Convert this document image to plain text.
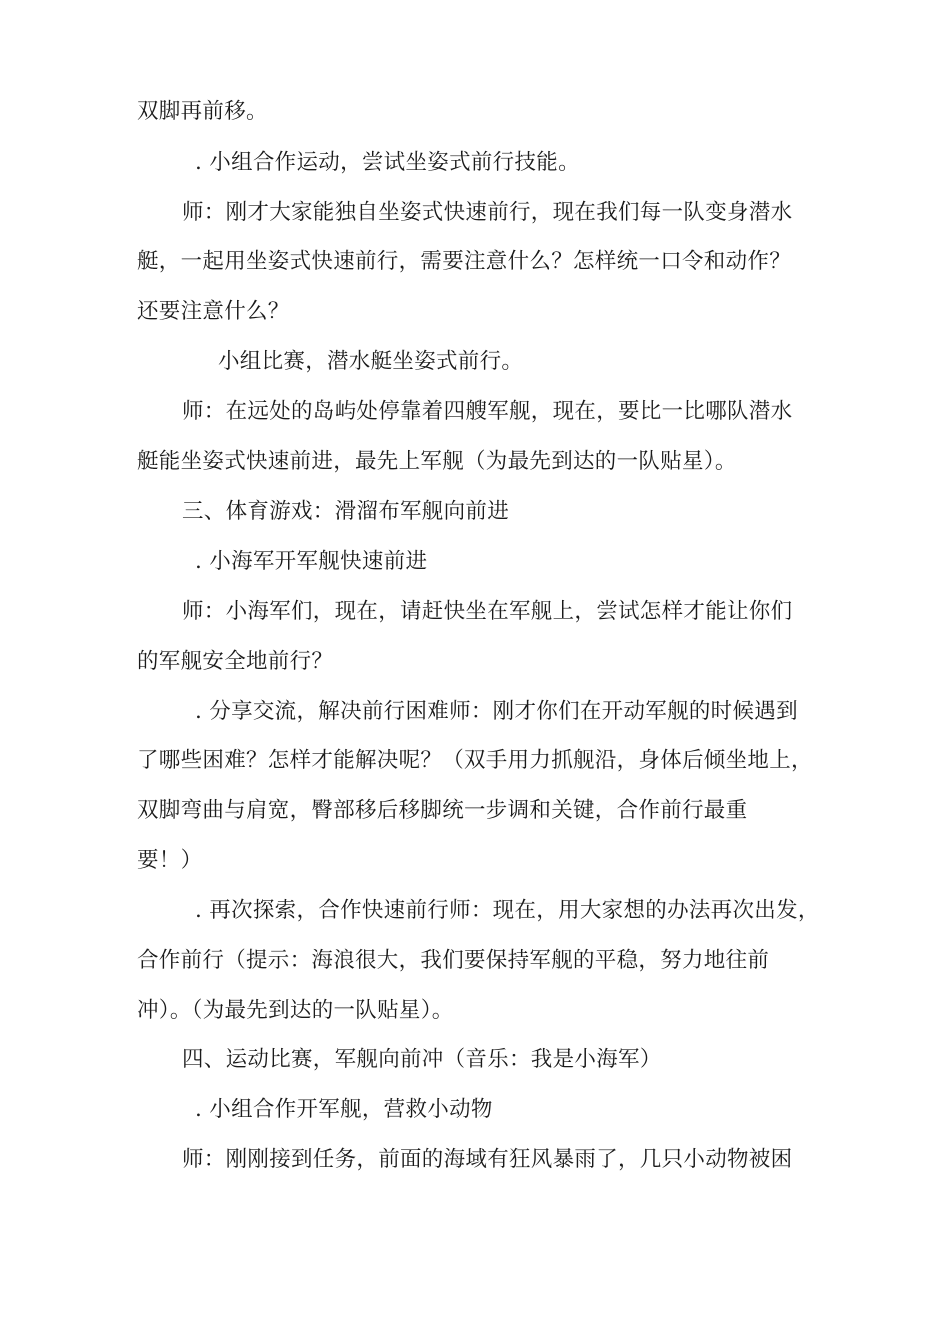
双脚再前移。
. 小组合作运动，尝试坐姿式前行技能。
师：刚才大家能独自坐姿式快速前行，现在我们每一队变身潜水
艇，一起用坐姿式快速前行，需要注意什么？怎样统一口令和动作？
还要注意什么？
小组比赛，潜水艇坐姿式前行。
师：在远处的岛屿处停靠着四艘军舰，现在，要比一比哪队潜水
艇能坐姿式快速前进，最先上军舰（为最先到达的一队贴星）。
三、体育游戏：滑溜布军舰向前进
. 小海军开军舰快速前进
师：小海军们，现在，请赶快坐在军舰上，尝试怎样才能让你们
的军舰安全地前行？
. 分享交流，解决前行困难师：刚才你们在开动军舰的时候遇到
了哪些困难？怎样才能解决呢？（双手用力抓舰沿，身体后倾坐地上，
双脚弯曲与肩宽，臀部移后移脚统一步调和关键，合作前行最重
要！）
. 再次探索，合作快速前行师：现在，用大家想的办法再次出发，
合作前行（提示：海浪很大，我们要保持军舰的平稳，努力地往前
冲）。（为最先到达的一队贴星）。
四、运动比赛，军舰向前冲（音乐：我是小海军）
. 小组合作开军舰，营救小动物
师：刚刚接到任务，前面的海域有狂风暴雨了，几只小动物被困
